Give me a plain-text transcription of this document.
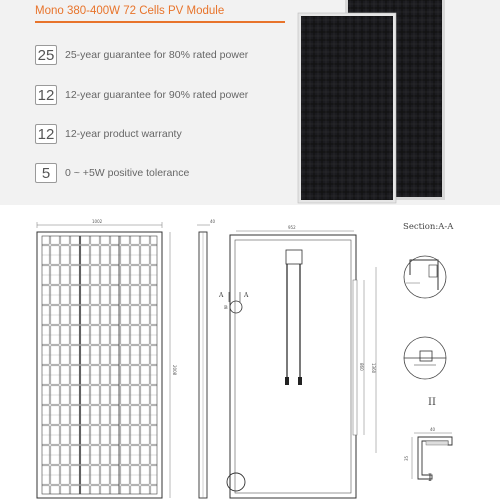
Mono 380-400W 72 Cells PV Module
25 25-year guarantee for 80% rated power
12 12-year guarantee for 90% rated power
12 12-year product warranty
5	0 ~ +5W positive tolerance
1002
2008
40
952
860 1360
A	A
B
40
35
Section:A-A
II
I
